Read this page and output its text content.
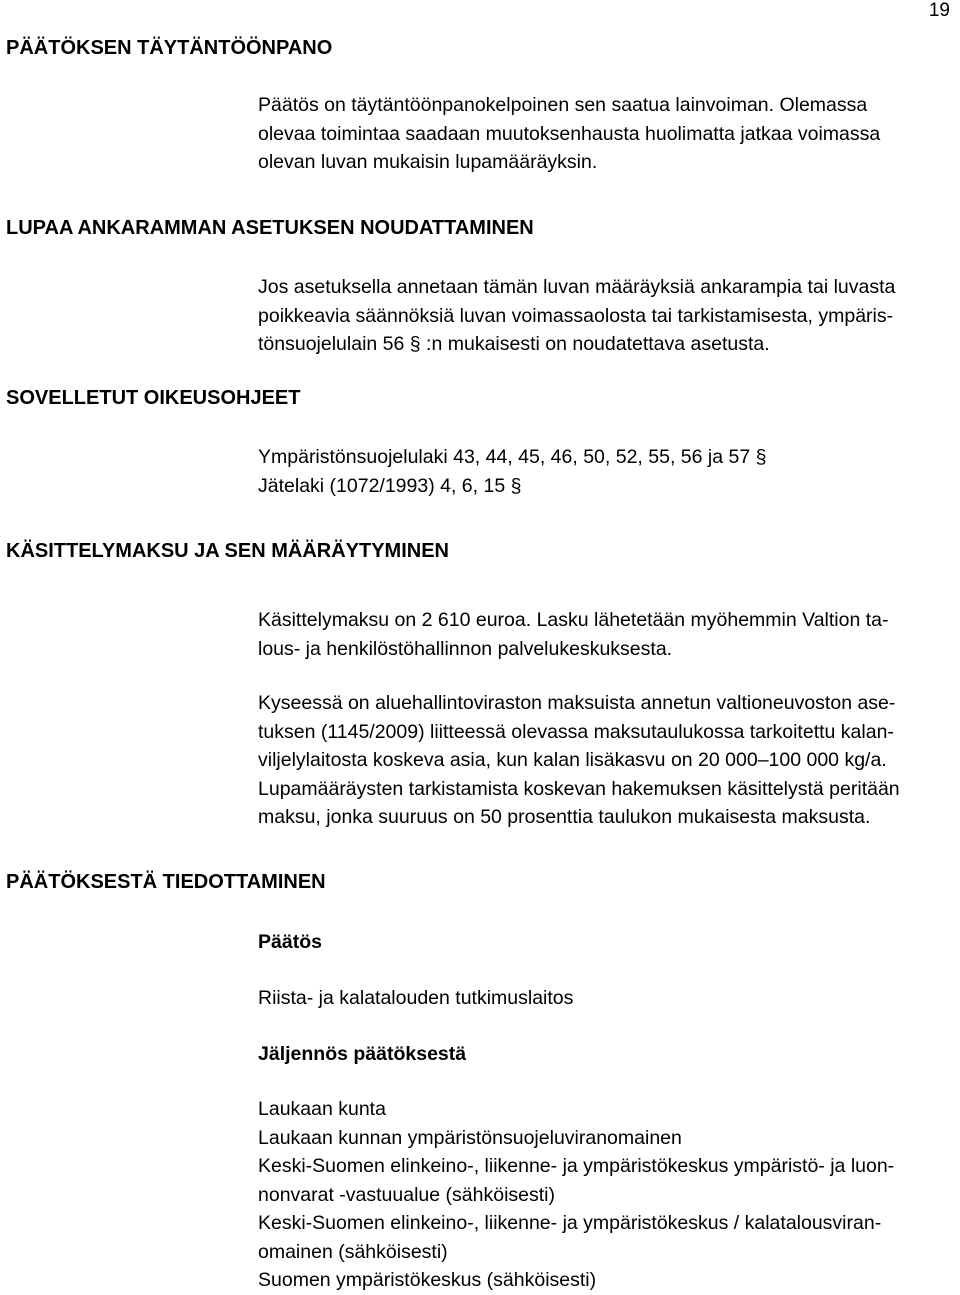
19
PÄÄTÖKSEN TÄYTÄNTÖÖNPANO
Päätös on täytäntöönpanokelpoinen sen saatua lainvoiman. Olemassa
olevaa toimintaa saadaan muutoksenhausta huolimatta jatkaa voimassa
olevan luvan mukaisin lupamääräyksin.
LUPAA ANKARAMMAN ASETUKSEN NOUDATTAMINEN
Jos asetuksella annetaan tämän luvan määräyksiä ankarampia tai luvasta
poikkeavia säännöksiä luvan voimassaolosta tai tarkistamisesta, ympäris-
tönsuojelulain 56 § :n mukaisesti on noudatettava asetusta.
SOVELLETUT OIKEUSOHJEET
Ympäristönsuojelulaki 43, 44, 45, 46, 50, 52, 55, 56 ja 57 §
Jätelaki (1072/1993) 4, 6, 15 §
KÄSITTELYMAKSU JA SEN MÄÄRÄYTYMINEN
Käsittelymaksu on 2 610 euroa. Lasku lähetetään myöhemmin Valtion ta-
lous- ja henkilöstöhallinnon palvelukeskuksesta.
Kyseessä on aluehallintoviraston maksuista annetun valtioneuvoston ase-
tuksen (1145/2009) liitteessä olevassa maksutaulukossa tarkoitettu kalan-
viljelylaitosta koskeva asia, kun kalan lisäkasvu on 20 000–100 000 kg/a.
Lupamääräysten tarkistamista koskevan hakemuksen käsittelystä peritään
maksu, jonka suuruus on 50 prosenttia taulukon mukaisesta maksusta.
PÄÄTÖKSESTÄ TIEDOTTAMINEN
Päätös
Riista- ja kalatalouden tutkimuslaitos
Jäljennös päätöksestä
Laukaan kunta
Laukaan kunnan ympäristönsuojeluviranomainen
Keski-Suomen elinkeino-, liikenne- ja ympäristökeskus ympäristö- ja luon-
nonvarat -vastuualue (sähköisesti)
Keski-Suomen elinkeino-, liikenne- ja ympäristökeskus / kalatalousviran-
omainen (sähköisesti)
Suomen ympäristökeskus (sähköisesti)
